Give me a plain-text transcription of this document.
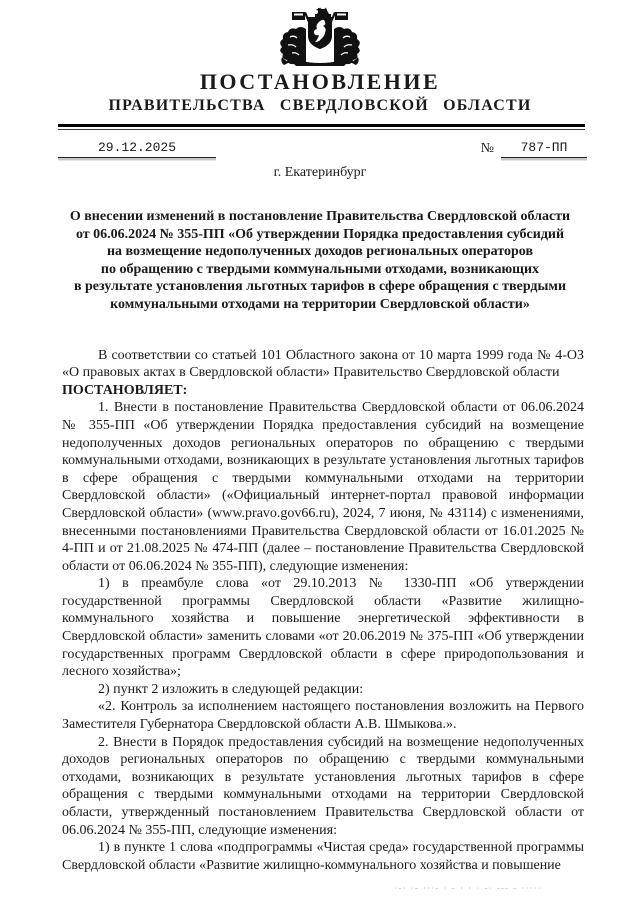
ПОСТАНОВЛЕНИЕ
ПРАВИТЕЛЬСТВА СВЕРДЛОВСКОЙ ОБЛАСТИ
29.12.2025	№	787-ПП
г. Екатеринбург
О внесении изменений в постановление Правительства Свердловской области
от 06.06.2024 № 355-ПП «Об утверждении Порядка предоставления субсидий
на возмещение недополученных доходов региональных операторов
по обращению с твердыми коммунальными отходами, возникающих
в результате установления льготных тарифов в сфере обращения с твердыми
коммунальными отходами на территории Свердловской области»
В соответствии со статьей 101 Областного закона от 10 марта 1999 года № 4-ОЗ «О правовых актах в Свердловской области» Правительство Свердловской области
ПОСТАНОВЛЯЕТ:
1. Внести в постановление Правительства Свердловской области от 06.06.2024 № 355-ПП «Об утверждении Порядка предоставления субсидий на возмещение недополученных доходов региональных операторов по обращению с твердыми коммунальными отходами, возникающих в результате установления льготных тарифов в сфере обращения с твердыми коммунальными отходами на территории Свердловской области» («Официальный интернет-портал правовой информации Свердловской области» (www.pravo.gov66.ru), 2024, 7 июня, № 43114) с изменениями, внесенными постановлениями Правительства Свердловской области от 16.01.2025 № 4-ПП и от 21.08.2025 № 474-ПП (далее – постановление Правительства Свердловской области от 06.06.2024 № 355-ПП), следующие изменения:
1) в преамбуле слова «от 29.10.2013 № 1330-ПП «Об утверждении государственной программы Свердловской области «Развитие жилищно-коммунального хозяйства и повышение энергетической эффективности в Свердловской области» заменить словами «от 20.06.2019 № 375-ПП «Об утверждении государственных программ Свердловской области в сфере природопользования и лесного хозяйства»;
2) пункт 2 изложить в следующей редакции:
«2. Контроль за исполнением настоящего постановления возложить на Первого Заместителя Губернатора Свердловской области А.В. Шмыкова.».
2. Внести в Порядок предоставления субсидий на возмещение недополученных доходов региональных операторов по обращению с твердыми коммунальными отходами, возникающих в результате установления льготных тарифов в сфере обращения с твердыми коммунальными отходами на территории Свердловской области, утвержденный постановлением Правительства Свердловской области от 06.06.2024 № 355-ПП, следующие изменения:
1) в пункте 1 слова «подпрограммы «Чистая среда» государственной программы Свердловской области «Развитие жилищно-коммунального хозяйства и повышение
·–· ·– ···– · – · · · –· ––– – ·····
